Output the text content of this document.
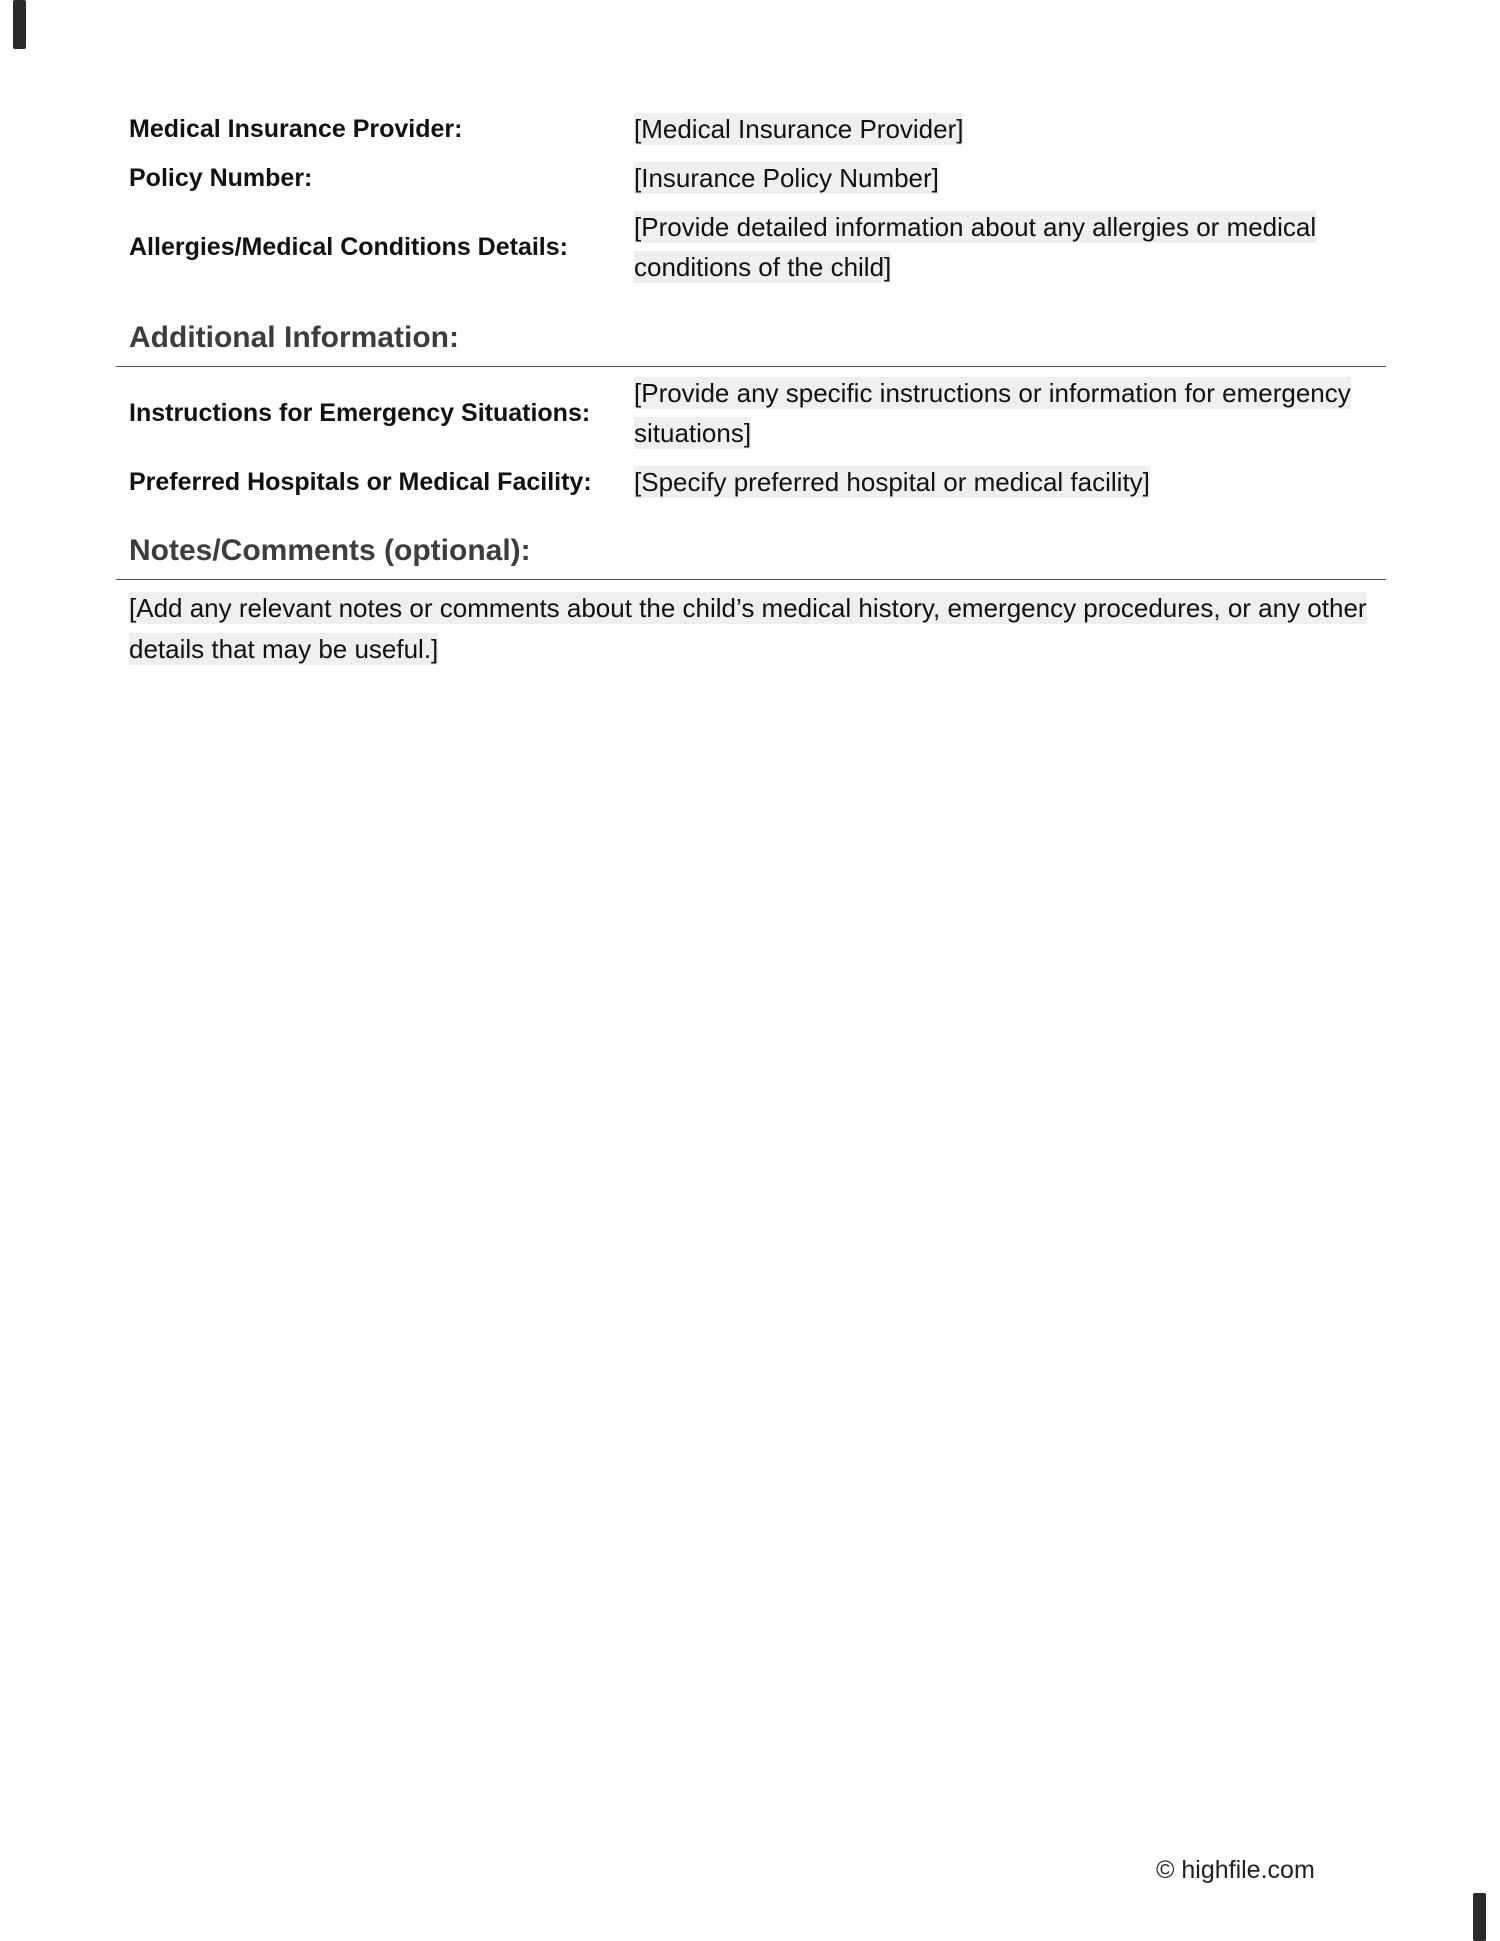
Medical Insurance Provider:	[Medical Insurance Provider]
Policy Number:	[Insurance Policy Number]
Allergies/Medical Conditions Details:
[Provide detailed information about any allergies or medical conditions of the child]
Additional Information:
Instructions for Emergency Situations:
[Provide any specific instructions or information for emergency situations]
Preferred Hospitals or Medical Facility:	[Specify preferred hospital or medical facility]
Notes/Comments (optional):
[Add any relevant notes or comments about the child’s medical history, emergency procedures, or any other details that may be useful.]
© highfile.com
